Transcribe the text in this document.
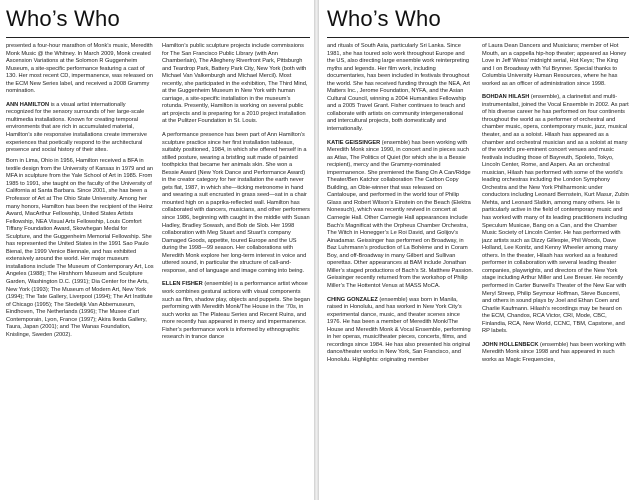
Who’s Who

presented a four-hour marathon of Monk’s music, Meredith Monk Music @ the Whitney. In March 2009, Monk created Ascension Variations at the Solomon R Guggenheim Museum, a site-specific performance featuring a cast of 130. Her most recent CD, impermanence, was released on the ECM New Series label, and received a 2008 Grammy nomination.

ANN HAMILTON is a visual artist internationally recognized for the sensory surrounds of her large-scale multimedia installations. Known for creating temporal environments that are rich in accumulated material, Hamilton’s site responsive installations create immersive experiences that poetically respond to the architectural presence and social history of their sites.

Born in Lima, Ohio in 1956, Hamilton received a BFA in textile design from the University of Kansas in 1979 and an MFA in sculpture from the Yale School of Art in 1985. From 1985 to 1991, she taught on the faculty of the University of California at Santa Barbara. Since 2001, she has been a Professor of Art at The Ohio State University. Among her many honors, Hamilton has been the recipient of the Heinz Award, MacArthur Fellowship, United States Artists Fellowship, NEA Visual Arts Fellowship, Louis Comfort Tiffany Foundation Award, Skowhegan Medal for Sculpture, and the Guggenheim Memorial Fellowship. She has represented the United States in the 1991 Sao Paulo Bienal, the 1999 Venice Biennale, and has exhibited extensively around the world. Her major museum installations include The Museum of Contemporary Art, Los Angeles (1988); The Hirshhorn Museum and Sculpture Garden, Washington D.C. (1991); Dia Center for the Arts, New York (1993); The Museum of Modern Art, New York (1994); The Tate Gallery, Liverpool (1994); The Art Institute of Chicago (1995); The Stedelijk Van Abbemuseum, Eindhoven, The Netherlands (1996); The Musee d’art Contemporain, Lyon, France (1997); Akira Ikeda Gallery, Taura, Japan (2001); and The Wanas Foundation, Knislinge, Sweden (2002).

Hamilton’s public sculpture projects include commissions for The San Francisco Public Library (with Ann Chamberlain), The Allegheny Riverfront Park, Pittsburgh and Teardrop Park, Battery Park City, New York (both with Michael Van Valkenburgh and Michael Mercil). Most recently, she participated in the exhibition, The Third Mind, at the Guggenheim Museum in New York with human carriage, a site-specific installation in the museum’s rotunda. Presently, Hamilton is working on several public art projects and is preparing for a 2010 project installation at the Pulitzer Foundation in St. Louis.

A performance presence has been part of Ann Hamilton’s sculpture practice since her first installation tableaux, suitably positioned, 1984, in which she offered herself in a stilled posture, wearing a bristling suit made of painted toothpicks that became her animals skin. She won a Bessie Award (New York Dance and Performance Award) in the creator category for her installation the earth never gets flat, 1987, in which she—ticking metronome in hand and wearing a suit encrusted in grass seed—sat in a chair mounted high on a paprika-reflected wall. Hamilton has collaborated with dancers, musicians, and other performers since 1986, beginning with caught in the middle with Susan Hadley, Bradley Sowash, and Bob de Slob. Her 1998 collaboration with Meg Stuart and Stuart’s company Damaged Goods, appetite, toured Europe and the US during the 1998—99 season. Her collaborations with Meredith Monk explore her long-term interest in voice and uttered sound, in particular the structure of call-and-response, and of language and image coming into being.

ELLEN FISHER (ensemble) is a performance artist whose work combines gestural actions with visual components such as film, shadow play, objects and puppets. She began performing with Meredith Monk/The House in the ’70s, in such works as The Plateau Series and Recent Ruins, and more recently has appeared in mercy and impermanence. Fisher’s performance work is informed by ethnographic research in trance dance

Who’s Who

and rituals of South Asia, particularly Sri Lanka. Since 1981, she has toured solo work throughout Europe and the US, also directing large ensemble work reinterpreting myths and legends. Her film work, including documentaries, has been included in festivals throughout the world. She has received funding through the NEA, Art Matters Inc., Jerome Foundation, NYFA, and the Asian Cultural Council, winning a 2004 Humanities Fellowship and a 2005 Travel Grant. Fisher continues to teach and collaborate with artists on community intergenerational and intercultural projects, both domestically and internationally.

KATIE GEISSINGER (ensemble) has been working with Meredith Monk since 1990, in concert and in pieces such as Atlas, The Politics of Quiet (for which she is a Bessie recipient), mercy and the Grammy-nominated impermanence. She premiered the Bang On A Can/Ridge Theater/Ben Katchor collaboration The Carbon Copy Building, an Obie-winner that was released on Cantaloupe, and performed in the world tour of Philip Glass and Robert Wilson’s Einstein on the Beach (Elektra Nonesuch), which was recently revived in concert at Carnegie Hall. Other Carnegie Hall appearances include Bach’s Magnificat with the Orpheus Chamber Orchestra, The Witch in Honegger’s Le Roi David, and Golijov’s Ainadamar. Geissinger has performed on Broadway, in Baz Luhrmann’s production of La Bohème and in Coram Boy, and off-Broadway in many Gilbert and Sullivan operettas. Other appearances at BAM include Jonathan Miller’s staged productions of Bach’s St. Matthew Passion. Geissinger recently returned from the workshop of Philip Miller’s The Hottentot Venus at MASS MoCA.

CHING GONZALEZ (ensemble) was born in Manila, raised in Honolulu, and has worked in New York City’s experimental dance, music, and theater scenes since 1976. He has been a member of Meredith Monk/The House and Meredith Monk & Vocal Ensemble, performing in her operas, music/theater pieces, concerts, films, and recordings since 1984. He has also presented his original dance/theater works in New York, San Francisco, and Honolulu. Highlights: originating member

of Laura Dean Dancers and Musicians; member of Hot Mouth, an a cappella hip-hop theater; appeared as Honey Love in Jeff Weiss’ midnight serial, Hot Keys; The King and I on Broadway with Yul Brynner. Special thanks to Columbia University Human Resources, where he has worked as an officer of administration since 1998.

BOHDAN HILASH (ensemble), a clarinetist and multi-instrumentalist, joined the Vocal Ensemble in 2002. As part of his diverse career he has performed on four continents throughout the world as a performer of orchestral and chamber music, opera, contemporary music, jazz, musical theater, and as a soloist. Hilash has appeared as a chamber and orchestral musician and as a soloist at many of the world’s pre-eminent concert venues and music festivals including those of Bayreuth, Spoleto, Tokyo, Lincoln Center, Rome, and Aspen. As an orchestral musician, Hilash has performed with some of the world’s leading orchestras including the London Symphony Orchestra and the New York Philharmonic under conductors including Leonard Bernstein, Kurt Masur, Zubin Mehta, and Leonard Slatkin, among many others. He is particularly active in the field of contemporary music and has worked with many of its leading practitioners including Speculum Musicae, Bang on a Can, and the Chamber Music Society of Lincoln Center. He has performed with jazz artists such as Dizzy Gillespie, Phil Woods, Dave Holland, Lee Konitz, and Kenny Wheeler among many others. In the theater, Hilash has worked as a featured performer in collaboration with several leading theater companies, playwrights, and directors of the New York stage including Arthur Miller and Lee Breuer. He recently performed in Carter Burwell’s Theater of the New Ear with Meryl Streep, Philip Seymour Hoffman, Steve Buscemi, and others in sound plays by Joel and Ethan Coen and Charlie Kaufmann. Hilash’s recordings may be heard on the ECM, Chandos, RCA Victor, CRI, Mode, CBC, Finlandia, RCA, New World, CCNC, TBM, Capstone, and RP labels.

JOHN HOLLENBECK (ensemble) has been working with Meredith Monk since 1998 and has appeared in such works as Magic Frequencies,
